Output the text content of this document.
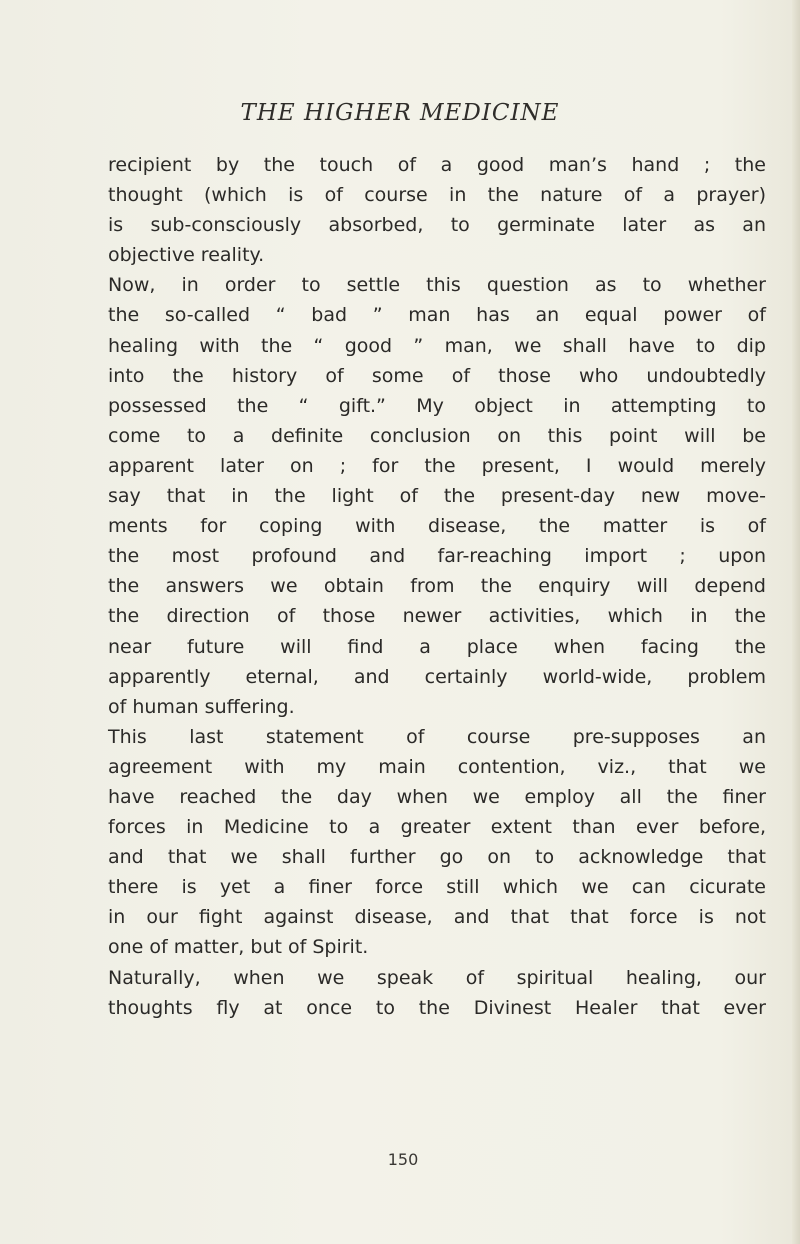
THE HIGHER MEDICINE
recipient by the touch of a good man’s hand ; the
thought (which is of course in the nature of a prayer)
is sub-consciously absorbed, to germinate later as an
objective reality.
Now, in order to settle this question as to whether
the so-called “ bad ” man has an equal power of
healing with the “ good ” man, we shall have to dip
into the history of some of those who undoubtedly
possessed the “ gift.” My object in attempting to
come to a definite conclusion on this point will be
apparent later on ; for the present, I would merely
say that in the light of the present-day new move-
ments for coping with disease, the matter is of
the most profound and far-reaching import ; upon
the answers we obtain from the enquiry will depend
the direction of those newer activities, which in the
near future will find a place when facing the
apparently eternal, and certainly world-wide, problem
of human suffering.
This last statement of course pre-supposes an
agreement with my main contention, viz., that we
have reached the day when we employ all the finer
forces in Medicine to a greater extent than ever before,
and that we shall further go on to acknowledge that
there is yet a finer force still which we can cicurate
in our fight against disease, and that that force is not
one of matter, but of Spirit.
Naturally, when we speak of spiritual healing, our
thoughts fly at once to the Divinest Healer that ever
150
